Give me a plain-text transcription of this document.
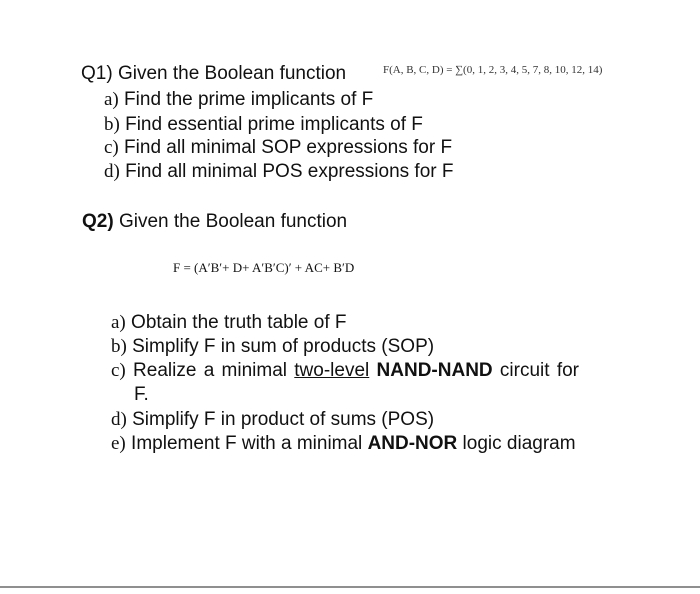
Q1) Given the Boolean function	F(A, B, C, D) = ∑(0, 1, 2, 3, 4, 5, 7, 8, 10, 12, 14)
a) Find the prime implicants of F
b) Find essential prime implicants of F
c) Find all minimal SOP expressions for F
d) Find all minimal POS expressions for F
Q2) Given the Boolean function
F = (A′B′+ D+ A′B′C)′ + AC+ B′D
a) Obtain the truth table of F
b) Simplify F in sum of products (SOP)
c) Realize a minimal two-level NAND-NAND circuit for
F.
d) Simplify F in product of sums (POS)
e) Implement F with a minimal AND-NOR logic diagram
